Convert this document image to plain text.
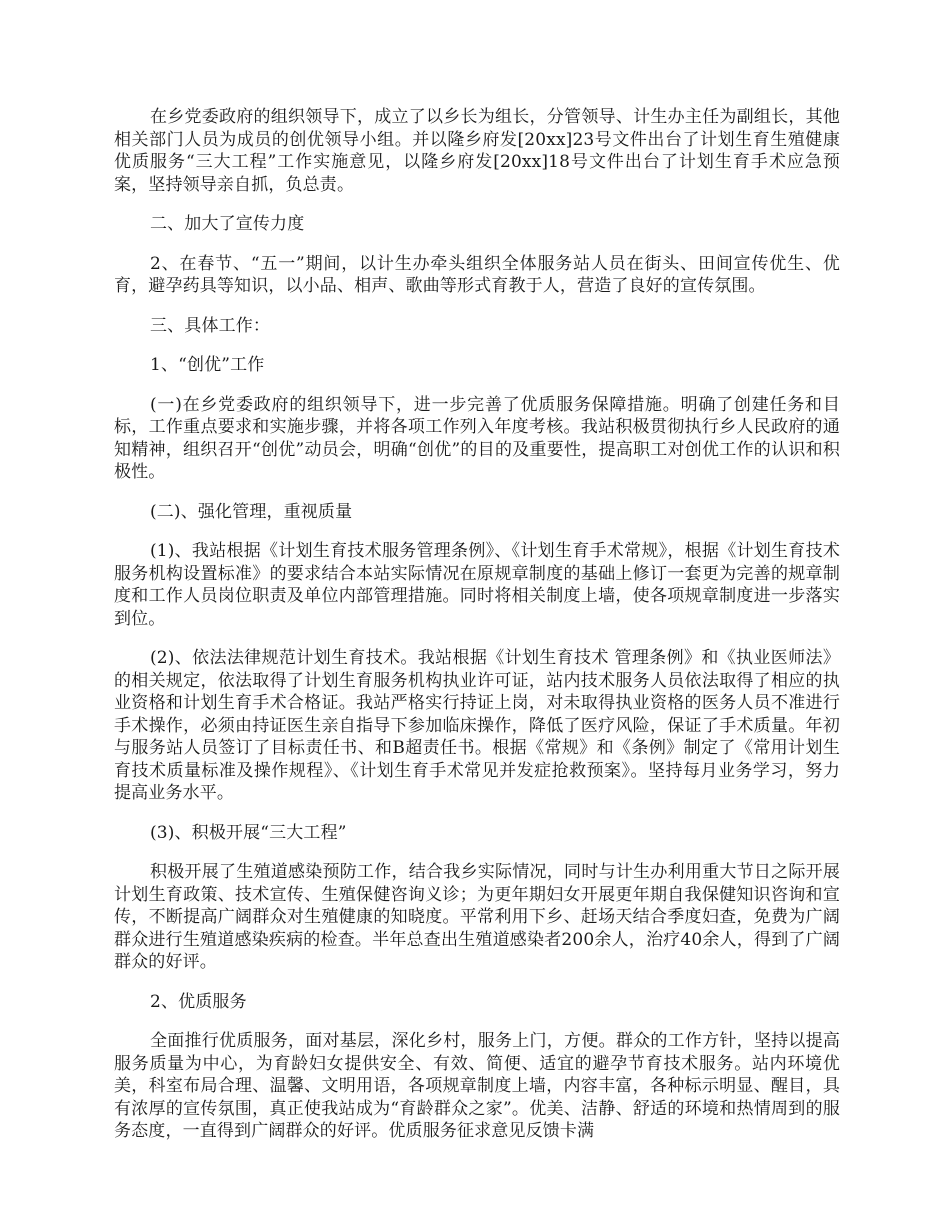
在乡党委政府的组织领导下，成立了以乡长为组长，分管领导、计生办主任为副组长，其他相关部门人员为成员的创优领导小组。并以隆乡府发[20xx]23号文件出台了计划生育生殖健康优质服务“三大工程”工作实施意见，以隆乡府发[20xx]18号文件出台了计划生育手术应急预案，坚持领导亲自抓，负总责。

二、加大了宣传力度

2、在春节、“五一”期间，以计生办牵头组织全体服务站人员在街头、田间宣传优生、优育，避孕药具等知识，以小品、相声、歌曲等形式育教于人，营造了良好的宣传氛围。

三、具体工作：

1、“创优”工作

(一)在乡党委政府的组织领导下，进一步完善了优质服务保障措施。明确了创建任务和目标，工作重点要求和实施步骤，并将各项工作列入年度考核。我站积极贯彻执行乡人民政府的通知精神，组织召开“创优”动员会，明确“创优”的目的及重要性，提高职工对创优工作的认识和积极性。

(二)、强化管理，重视质量

(1)、我站根据《计划生育技术服务管理条例》、《计划生育手术常规》，根据《计划生育技术服务机构设置标准》的要求结合本站实际情况在原规章制度的基础上修订一套更为完善的规章制度和工作人员岗位职责及单位内部管理措施。同时将相关制度上墙，使各项规章制度进一步落实到位。

(2)、依法法律规范计划生育技术。我站根据《计划生育技术 管理条例》和《执业医师法》的相关规定，依法取得了计划生育服务机构执业许可证，站内技术服务人员依法取得了相应的执业资格和计划生育手术合格证。我站严格实行持证上岗，对未取得执业资格的医务人员不准进行手术操作，必须由持证医生亲自指导下参加临床操作，降低了医疗风险，保证了手术质量。年初与服务站人员签订了目标责任书、和B超责任书。根据《常规》和《条例》制定了《常用计划生育技术质量标准及操作规程》、《计划生育手术常见并发症抢救预案》。坚持每月业务学习，努力提高业务水平。

(3)、积极开展“三大工程”

积极开展了生殖道感染预防工作，结合我乡实际情况，同时与计生办利用重大节日之际开展计划生育政策、技术宣传、生殖保健咨询义诊；为更年期妇女开展更年期自我保健知识咨询和宣传，不断提高广阔群众对生殖健康的知晓度。平常利用下乡、赶场天结合季度妇查，免费为广阔群众进行生殖道感染疾病的检查。半年总查出生殖道感染者200余人，治疗40余人，得到了广阔群众的好评。

2、优质服务

全面推行优质服务，面对基层，深化乡村，服务上门，方便。群众的工作方针，坚持以提高服务质量为中心，为育龄妇女提供安全、有效、简便、适宜的避孕节育技术服务。站内环境优美，科室布局合理、温馨、文明用语，各项规章制度上墙，内容丰富，各种标示明显、醒目，具有浓厚的宣传氛围，真正使我站成为“育龄群众之家”。优美、洁静、舒适的环境和热情周到的服务态度，一直得到广阔群众的好评。优质服务征求意见反馈卡满
